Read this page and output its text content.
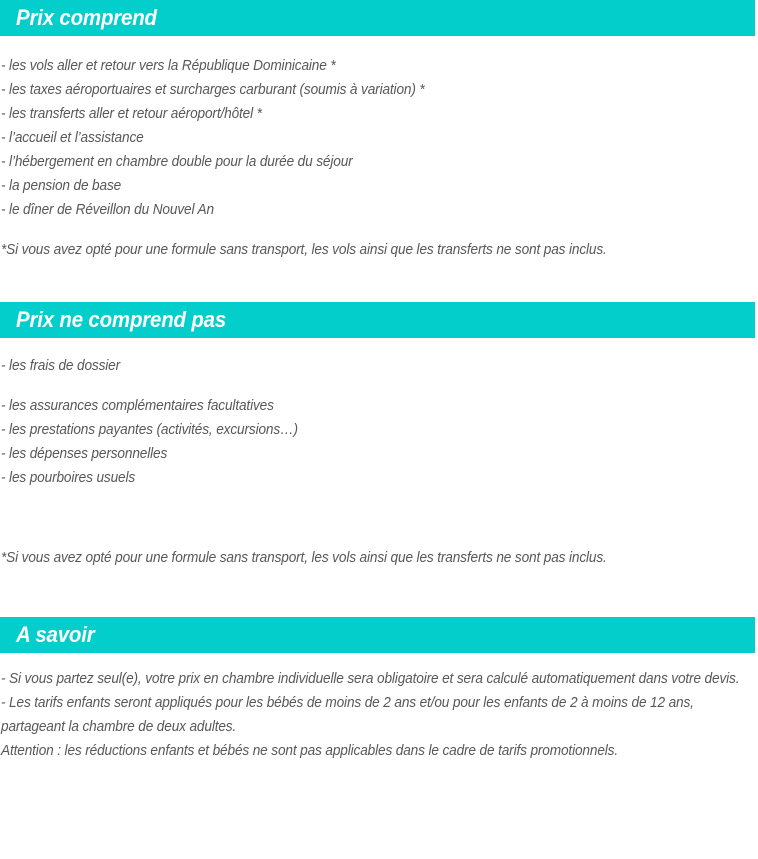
Prix comprend
- les vols aller et retour vers la République Dominicaine *
- les taxes aéroportuaires et surcharges carburant (soumis à variation) *
- les transferts aller et retour aéroport/hôtel *
- l’accueil et l’assistance
- l’hébergement en chambre double pour la durée du séjour
- la pension de base
- le dîner de Réveillon du Nouvel An
*Si vous avez opté pour une formule sans transport, les vols ainsi que les transferts ne sont pas inclus.
Prix ne comprend pas
- les frais de dossier
- les assurances complémentaires facultatives
- les prestations payantes (activités, excursions…)
- les dépenses personnelles
- les pourboires usuels
*Si vous avez opté pour une formule sans transport, les vols ainsi que les transferts ne sont pas inclus.
A savoir
- Si vous partez seul(e), votre prix en chambre individuelle sera obligatoire et sera calculé automatiquement dans votre devis.
- Les tarifs enfants seront appliqués pour les bébés de moins de 2 ans et/ou pour les enfants de 2 à moins de 12 ans, partageant la chambre de deux adultes.
Attention : les réductions enfants et bébés ne sont pas applicables dans le cadre de tarifs promotionnels.
